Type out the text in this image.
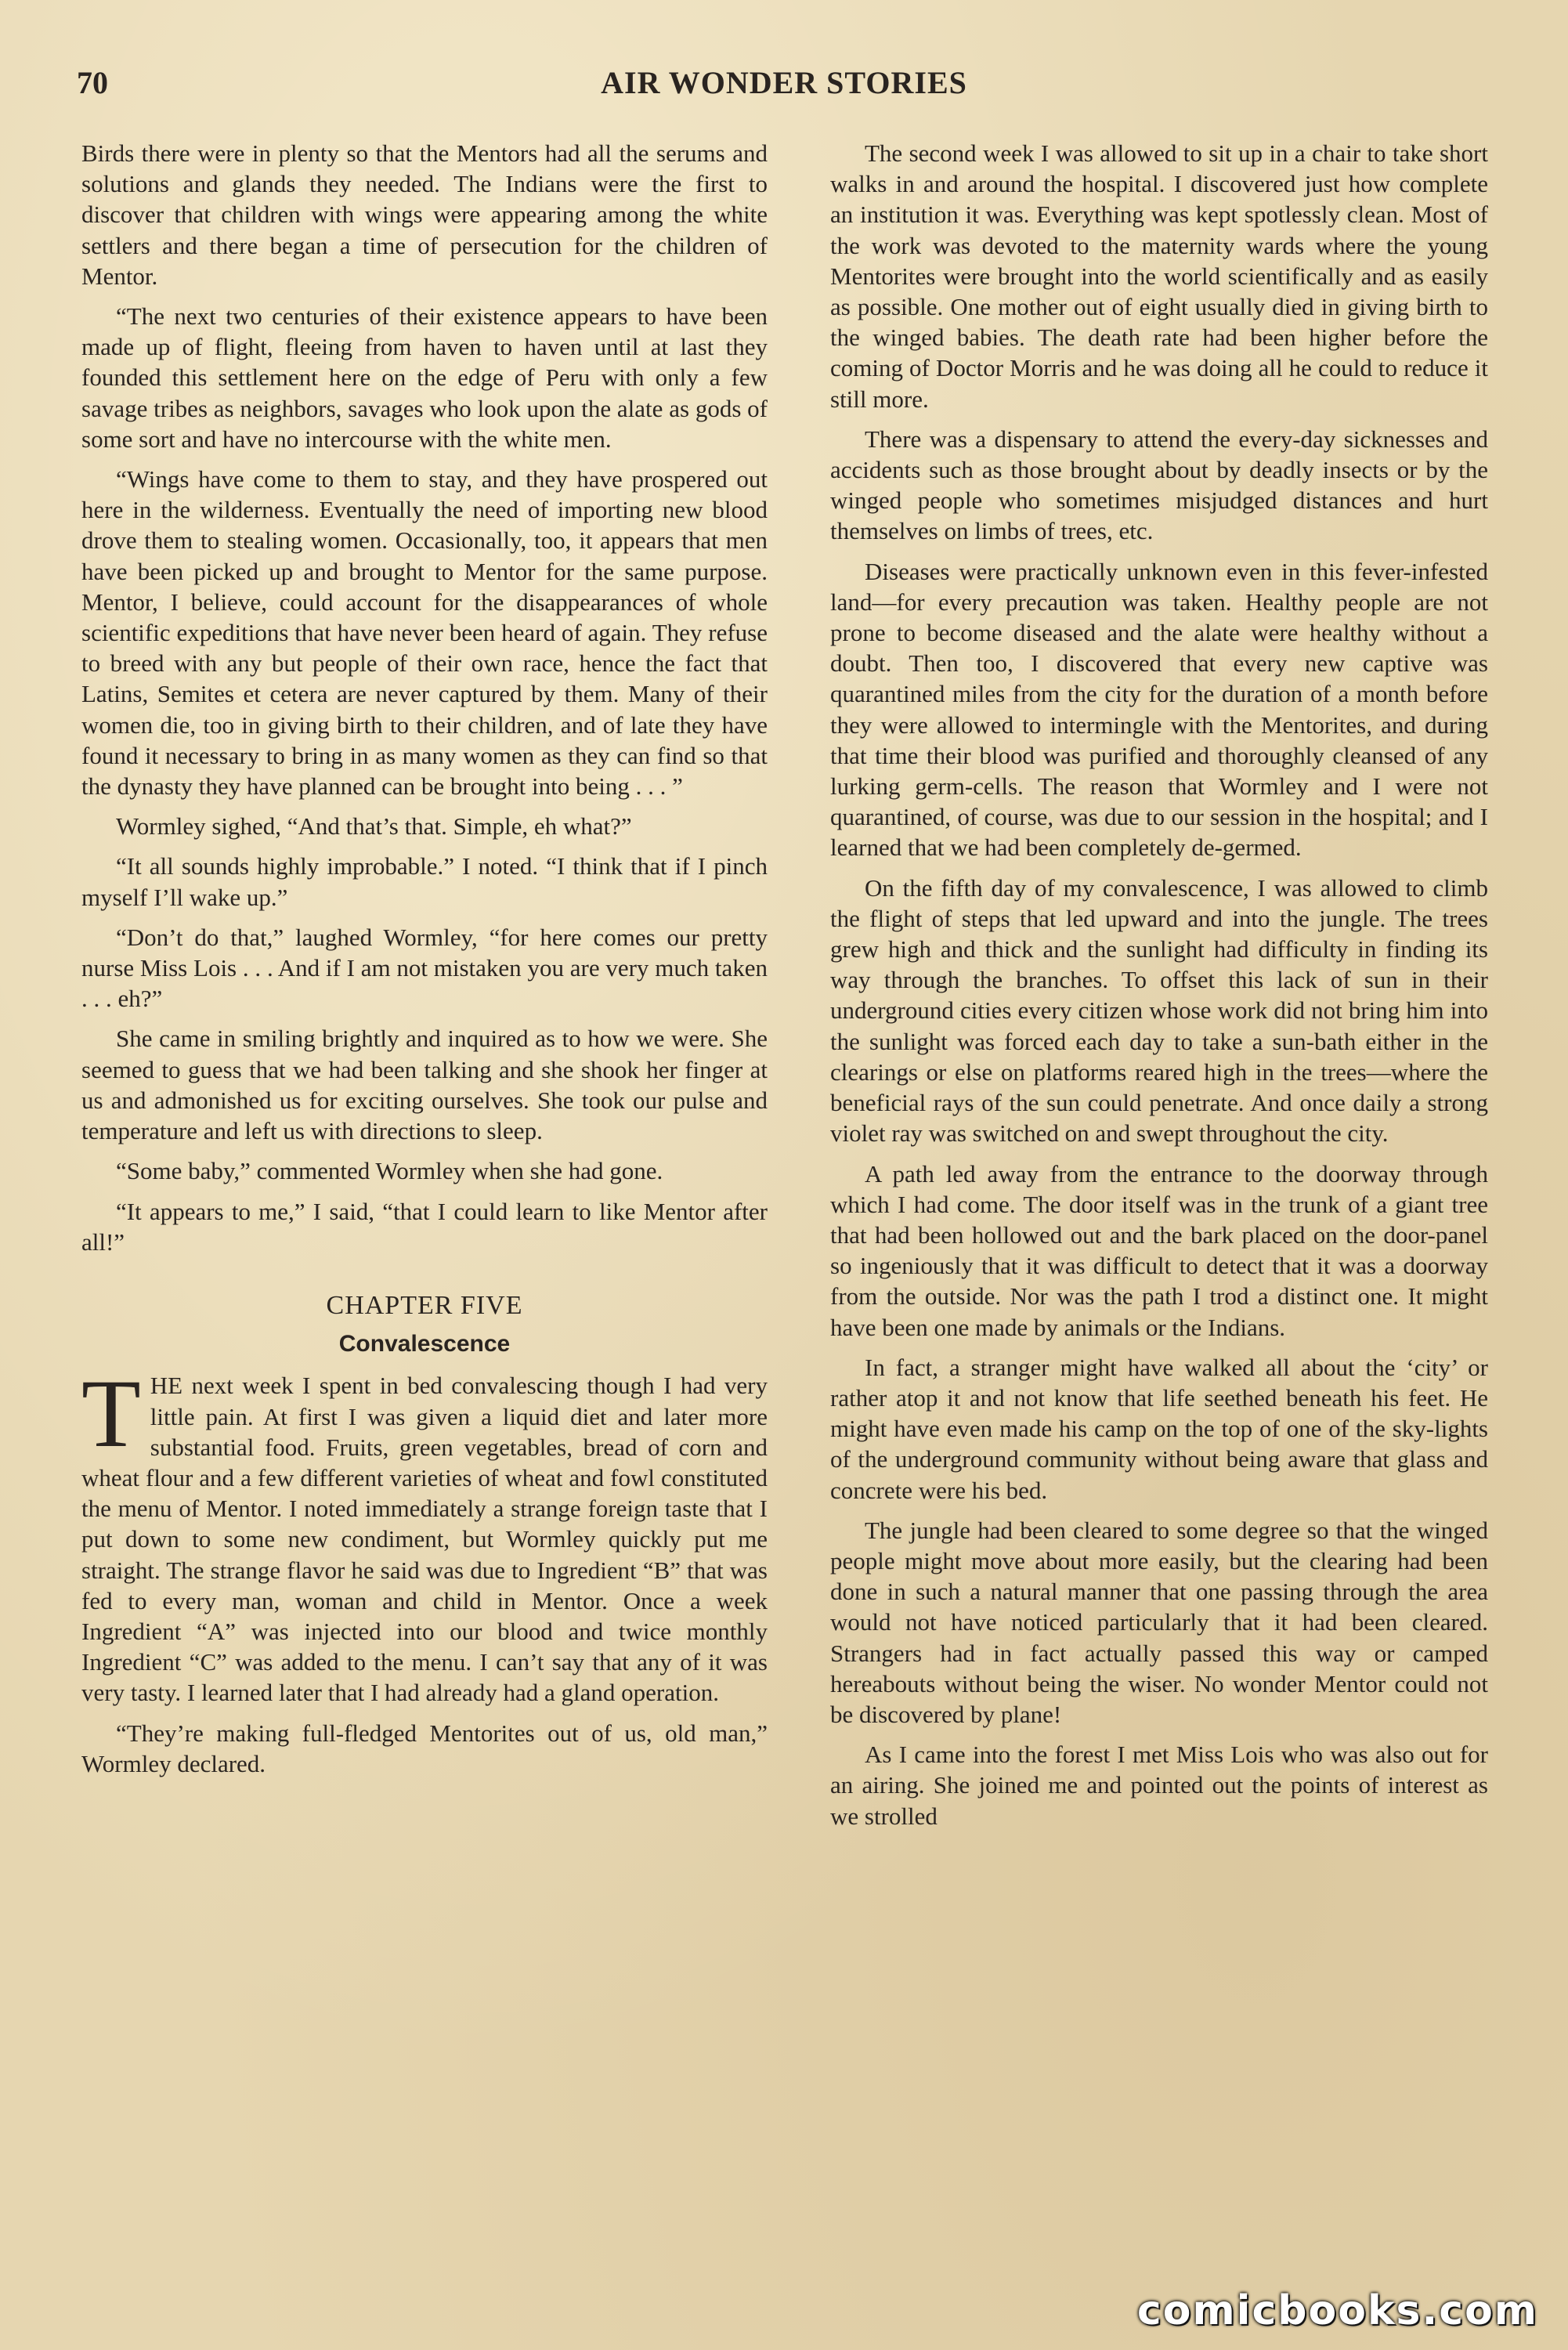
70	AIR WONDER STORIES

Birds there were in plenty so that the Mentors had all the serums and solutions and glands they needed. The Indians were the first to discover that children with wings were appearing among the white settlers and there began a time of persecution for the children of Mentor.

“The next two centuries of their existence appears to have been made up of flight, fleeing from haven to haven until at last they founded this settlement here on the edge of Peru with only a few savage tribes as neighbors, savages who look upon the alate as gods of some sort and have no intercourse with the white men.

“Wings have come to them to stay, and they have prospered out here in the wilderness. Eventually the need of importing new blood drove them to stealing women. Occasionally, too, it appears that men have been picked up and brought to Mentor for the same purpose. Mentor, I believe, could account for the disappearances of whole scientific expeditions that have never been heard of again. They refuse to breed with any but people of their own race, hence the fact that Latins, Semites et cetera are never captured by them. Many of their women die, too in giving birth to their children, and of late they have found it necessary to bring in as many women as they can find so that the dynasty they have planned can be brought into being . . . ”

Wormley sighed, “And that’s that. Simple, eh what?”

“It all sounds highly improbable.” I noted. “I think that if I pinch myself I’ll wake up.”

“Don’t do that,” laughed Wormley, “for here comes our pretty nurse Miss Lois . . . And if I am not mistaken you are very much taken . . . eh?”

She came in smiling brightly and inquired as to how we were. She seemed to guess that we had been talking and she shook her finger at us and admonished us for exciting ourselves. She took our pulse and temperature and left us with directions to sleep.

“Some baby,” commented Wormley when she had gone.

“It appears to me,” I said, “that I could learn to like Mentor after all!”

CHAPTER FIVE
Convalescence

THE next week I spent in bed convalescing though I had very little pain. At first I was given a liquid diet and later more substantial food. Fruits, green vegetables, bread of corn and wheat flour and a few different varieties of wheat and fowl constituted the menu of Mentor. I noted immediately a strange foreign taste that I put down to some new condiment, but Wormley quickly put me straight. The strange flavor he said was due to Ingredient “B” that was fed to every man, woman and child in Mentor. Once a week Ingredient “A” was injected into our blood and twice monthly Ingredient “C” was added to the menu. I can’t say that any of it was very tasty. I learned later that I had already had a gland operation.

“They’re making full-fledged Mentorites out of us, old man,” Wormley declared.

The second week I was allowed to sit up in a chair to take short walks in and around the hospital. I discovered just how complete an institution it was. Everything was kept spotlessly clean. Most of the work was devoted to the maternity wards where the young Mentorites were brought into the world scientifically and as easily as possible. One mother out of eight usually died in giving birth to the winged babies. The death rate had been higher before the coming of Doctor Morris and he was doing all he could to reduce it still more.

There was a dispensary to attend the every-day sicknesses and accidents such as those brought about by deadly insects or by the winged people who sometimes misjudged distances and hurt themselves on limbs of trees, etc.

Diseases were practically unknown even in this fever-infested land—for every precaution was taken. Healthy people are not prone to become diseased and the alate were healthy without a doubt. Then too, I discovered that every new captive was quarantined miles from the city for the duration of a month before they were allowed to intermingle with the Mentorites, and during that time their blood was purified and thoroughly cleansed of any lurking germ-cells. The reason that Wormley and I were not quarantined, of course, was due to our session in the hospital; and I learned that we had been completely de-germed.

On the fifth day of my convalescence, I was allowed to climb the flight of steps that led upward and into the jungle. The trees grew high and thick and the sunlight had difficulty in finding its way through the branches. To offset this lack of sun in their underground cities every citizen whose work did not bring him into the sunlight was forced each day to take a sun-bath either in the clearings or else on platforms reared high in the trees—where the beneficial rays of the sun could penetrate. And once daily a strong violet ray was switched on and swept throughout the city.

A path led away from the entrance to the doorway through which I had come. The door itself was in the trunk of a giant tree that had been hollowed out and the bark placed on the door-panel so ingeniously that it was difficult to detect that it was a doorway from the outside. Nor was the path I trod a distinct one. It might have been one made by animals or the Indians.

In fact, a stranger might have walked all about the ‘city’ or rather atop it and not know that life seethed beneath his feet. He might have even made his camp on the top of one of the sky-lights of the underground community without being aware that glass and concrete were his bed.

The jungle had been cleared to some degree so that the winged people might move about more easily, but the clearing had been done in such a natural manner that one passing through the area would not have noticed particularly that it had been cleared. Strangers had in fact actually passed this way or camped hereabouts without being the wiser. No wonder Mentor could not be discovered by plane!

As I came into the forest I met Miss Lois who was also out for an airing. She joined me and pointed out the points of interest as we strolled

comicbooks.com
